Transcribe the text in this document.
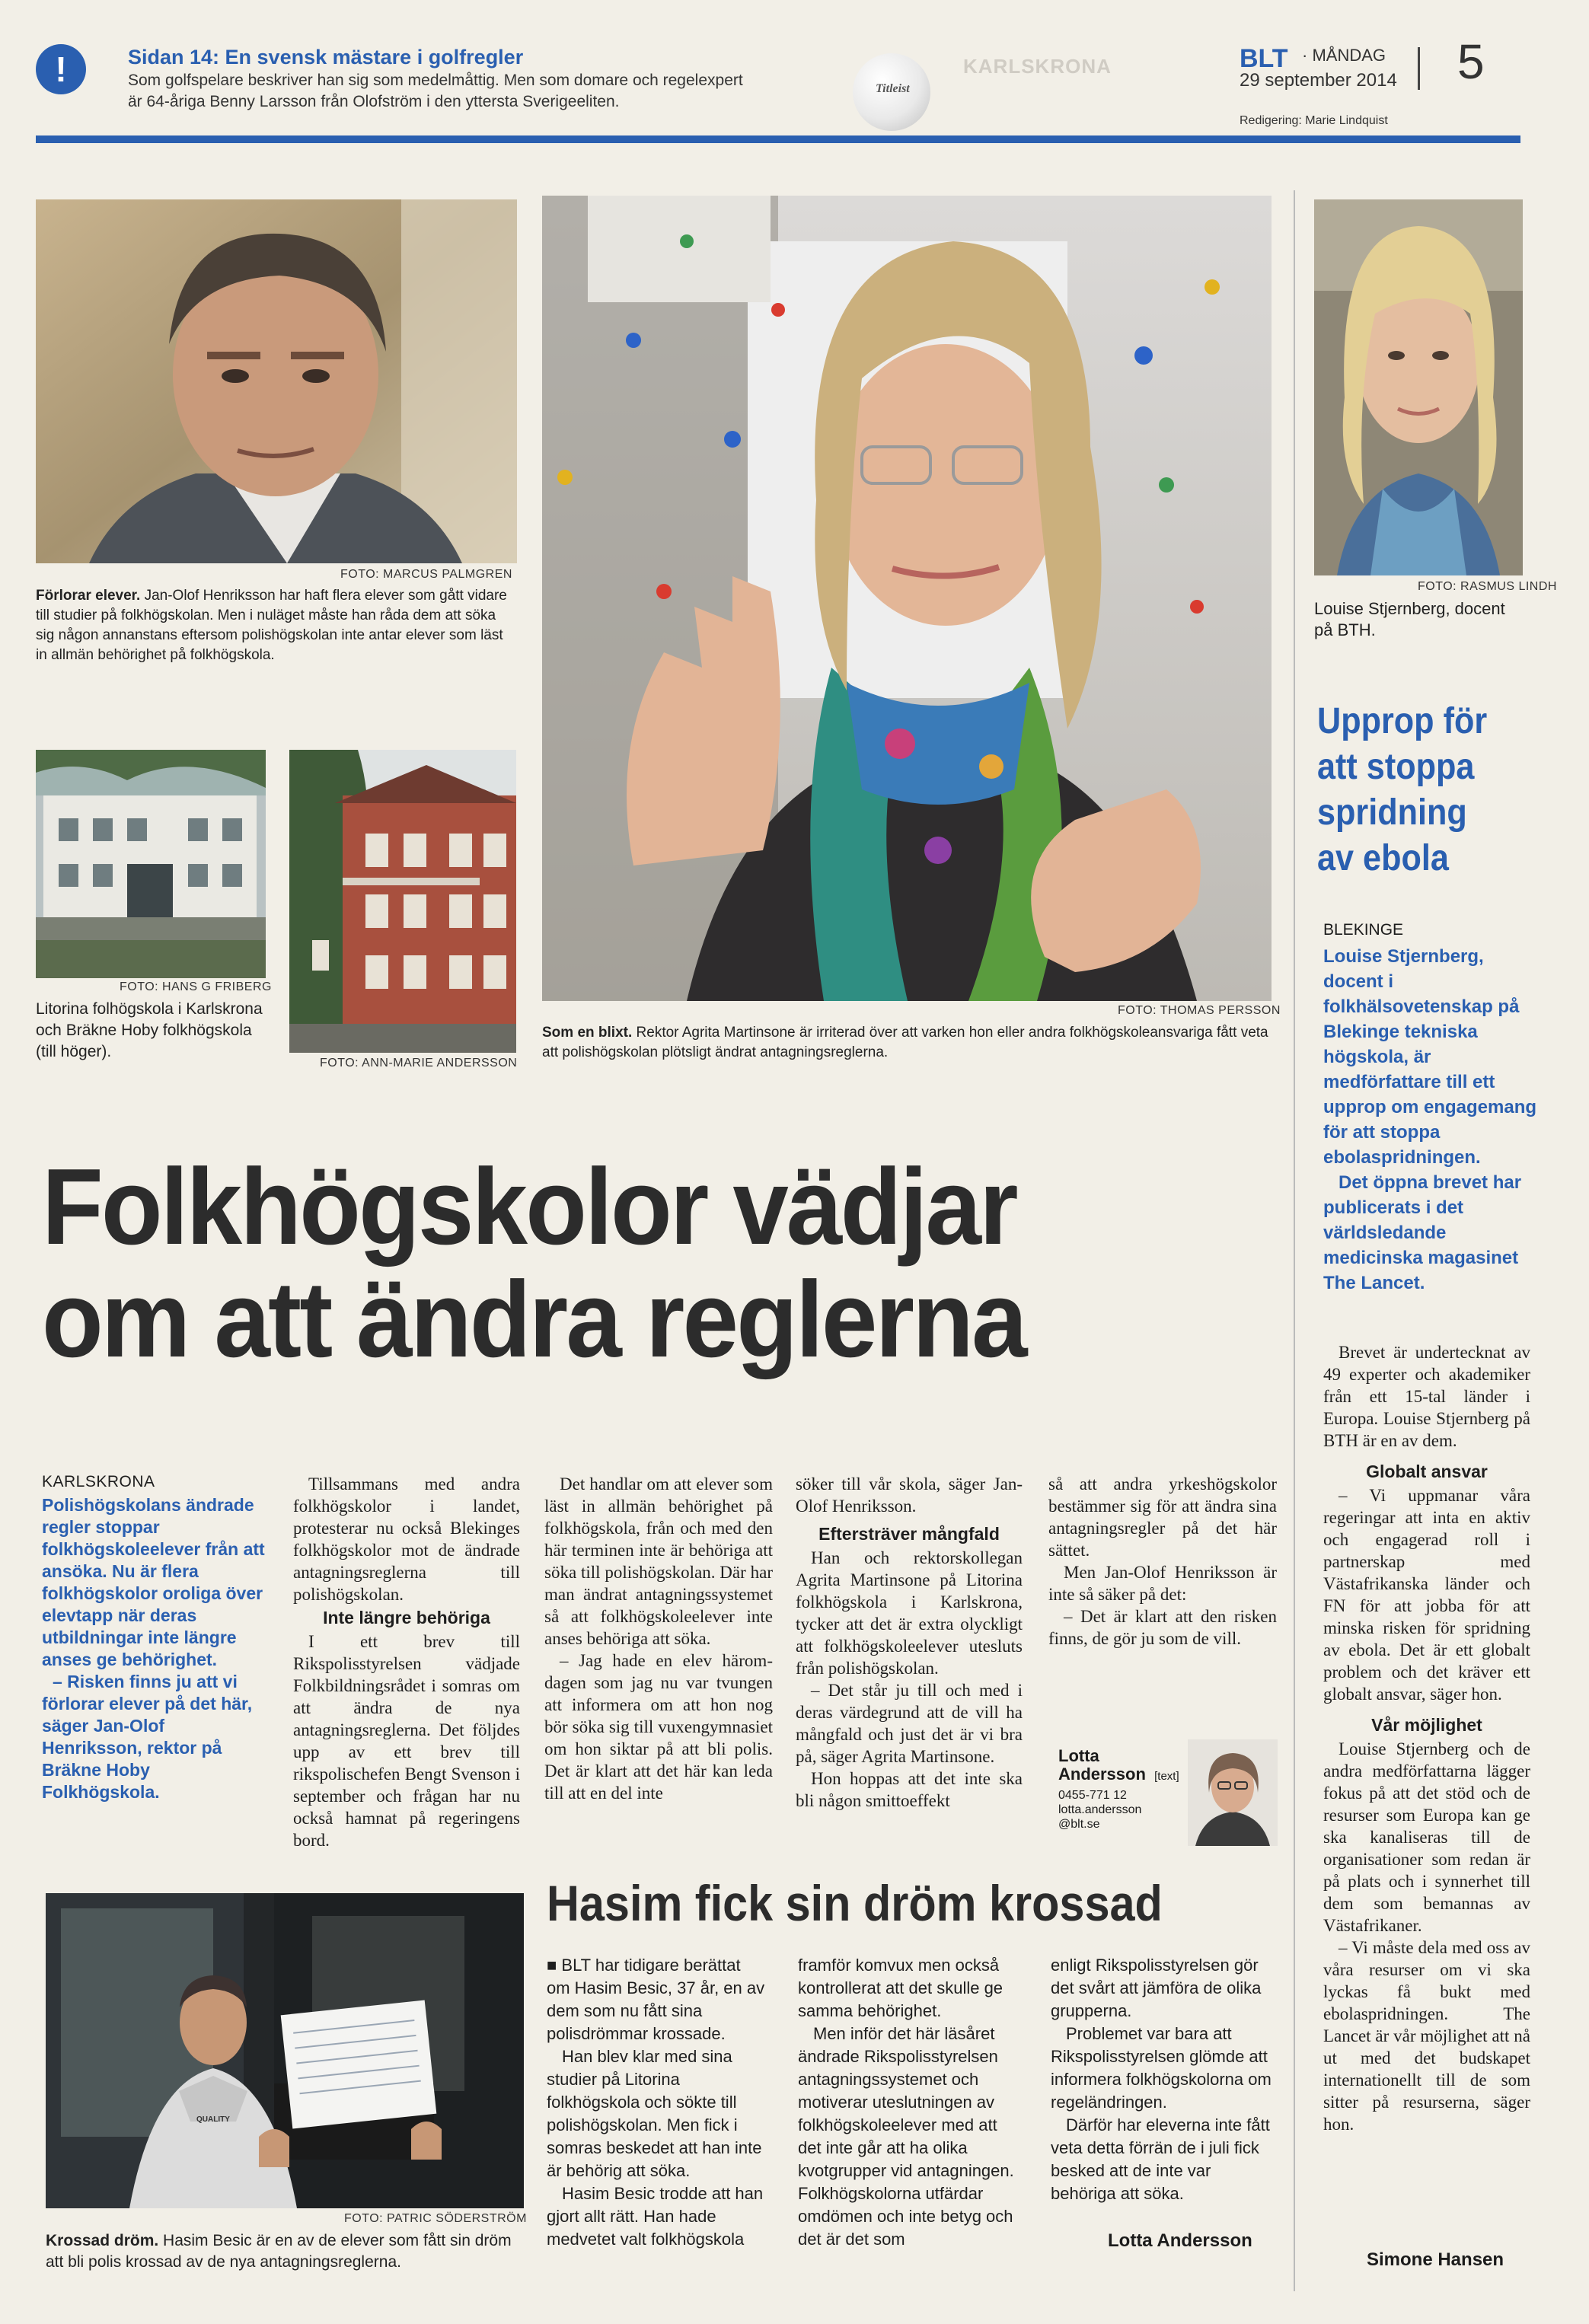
!	Sidan 14: En svensk mästare i golfregler
Som golfspelare beskriver han sig som medelmåttig. Men som domare och regelexpert
är 64-åriga Benny Larsson från Olofström i den yttersta Sverigeeliten.
Titleist
KARLSKRONA	BLT · MÅNDAG
29 september 2014 5
Redigering: Marie Lindquist
FOTO: MARCUS PALMGREN
Förlorar elever. Jan-Olof Henriksson har haft flera elever som gått vidare till studier på folkhögskolan. Men i nuläget måste han råda dem att söka sig någon annanstans eftersom polishögskolan inte antar elever som läst in allmän behörighet på folkhögskola.
FOTO: THOMAS PERSSON
Som en blixt. Rektor Agrita Martinsone är irriterad över att varken hon eller andra folkhögskoleansvariga fått veta att polishögskolan plötsligt ändrat antagningsreglerna.
FOTO: HANS G FRIBERG
Litorina folhögskola i Karlskrona och Bräkne Hoby folkhögskola (till höger).
FOTO: ANN-MARIE ANDERSSON
FOTO: RASMUS LINDH
Louise Stjernberg, docent på BTH.
Upprop för
att stoppa
spridning
av ebola
BLEKINGE

Louise Stjernberg, docent i folkhälsovetenskap på Blekinge tekniska högskola, är medförfattare till ett upprop om engagemang för att stoppa ebolaspridningen.

Det öppna brevet har publicerats i det världsledande medicinska magasinet The Lancet.

Brevet är undertecknat av 49 experter och akademiker från ett 15-tal länder i Europa. Louise Stjernberg på BTH är en av dem.

Globalt ansvar

– Vi uppmanar våra regeringar att inta en aktiv och engagerad roll i partnerskap med Västafrikanska länder och FN för att jobba för att minska risken för spridning av ebola. Det är ett globalt problem och det kräver ett globalt ansvar, säger hon.

Vår möjlighet

Louise Stjernberg och de andra medförfattarna lägger fokus på att det stöd och de resurser som Europa kan ge ska kanaliseras till de organisationer som redan är på plats och i synnerhet till dem som bemannas av Västafrikaner.

– Vi måste dela med oss av våra resurser om vi ska lyckas få bukt med ebolaspridningen. The Lancet är vår möjlighet att nå ut med det budskapet internationellt till de som sitter på resurserna, säger hon.

Simone Hansen
Folkhögskolor vädjar
om att ändra reglerna
KARLSKRONA

Polishögskolans ändrade regler stoppar folkhögskoleelever från att ansöka. Nu är flera folkhögskolor oroliga över elevtapp när deras utbildningar inte längre anses ge behörighet.

– Risken finns ju att vi förlorar elever på det här, säger Jan-Olof Henriksson, rektor på Bräkne Hoby Folkhögskola.

Tillsammans med andra folkhögskolor i landet, protesterar nu också Blekinges folkhögskolor mot de ändrade antagningsreglerna till polishögskolan.

Inte längre behöriga

I ett brev till Rikspolisstyrelsen vädjade Folkbildningsrådet i somras om att ändra de nya antagningsreglerna. Det följdes upp av ett brev till rikspolischefen Bengt Svenson i september och frågan har nu också hamnat på regeringens bord.

Det handlar om att elever som läst in allmän behörighet på folkhögskola, från och med den här terminen inte är behöriga att söka till polishögskolan. Där har man ändrat antagningssystemet så att folkhögskoleelever inte anses behöriga att söka.

– Jag hade en elev häromdagen som jag nu var tvungen att informera om att hon nog bör söka sig till vuxengymnasiet om hon siktar på att bli polis. Det är klart att det här kan leda till att en del inte

söker till vår skola, säger Jan-Olof Henriksson.

Eftersträver mångfald

Han och rektorskollegan Agrita Martinsone på Litorina folkhögskola i Karlskrona, tycker att det är extra olyckligt att folkhögskoleelever utesluts från polishögskolan.

– Det står ju till och med i deras värdegrund att de vill ha mångfald och just det är vi bra på, säger Agrita Martinsone.

Hon hoppas att det inte ska bli någon smittoeffekt

så att andra yrkeshögskolor bestämmer sig för att ändra sina antagningsregler på det här sättet.

Men Jan-Olof Henriksson är inte så säker på det:

– Det är klart att den risken finns, de gör ju som de vill.

Lotta Andersson [text]
0455-771 12
lotta.andersson
@blt.se
QUALITY
FOTO: PATRIC SÖDERSTRÖM
Krossad dröm. Hasim Besic är en av de elever som fått sin dröm att bli polis krossad av de nya antagningsreglerna.
Hasim fick sin dröm krossad

■ BLT har tidigare berättat om Hasim Besic, 37 år, en av dem som nu fått sina polisdrömmar krossade.

Han blev klar med sina studier på Litorina folkhögskola och sökte till polishögskolan. Men fick i somras beskedet att han inte är behörig att söka.

Hasim Besic trodde att han gjort allt rätt. Han hade medvetet valt folkhögskola

framför komvux men också kontrollerat att det skulle ge samma behörighet.

Men inför det här läsåret ändrade Rikspolisstyrelsen antagningssystemet och motiverar uteslutningen av folkhögskoleelever med att det inte går att ha olika kvotgrupper vid antagningen. Folkhögskolorna utfärdar omdömen och inte betyg och det är det som

enligt Rikspolisstyrelsen gör det svårt att jämföra de olika grupperna.

Problemet var bara att Rikspolisstyrelsen glömde att informera folkhögskolorna om regeländringen.

Därför har eleverna inte fått veta detta förrän de i juli fick besked att de inte var behöriga att söka.

Lotta Andersson
